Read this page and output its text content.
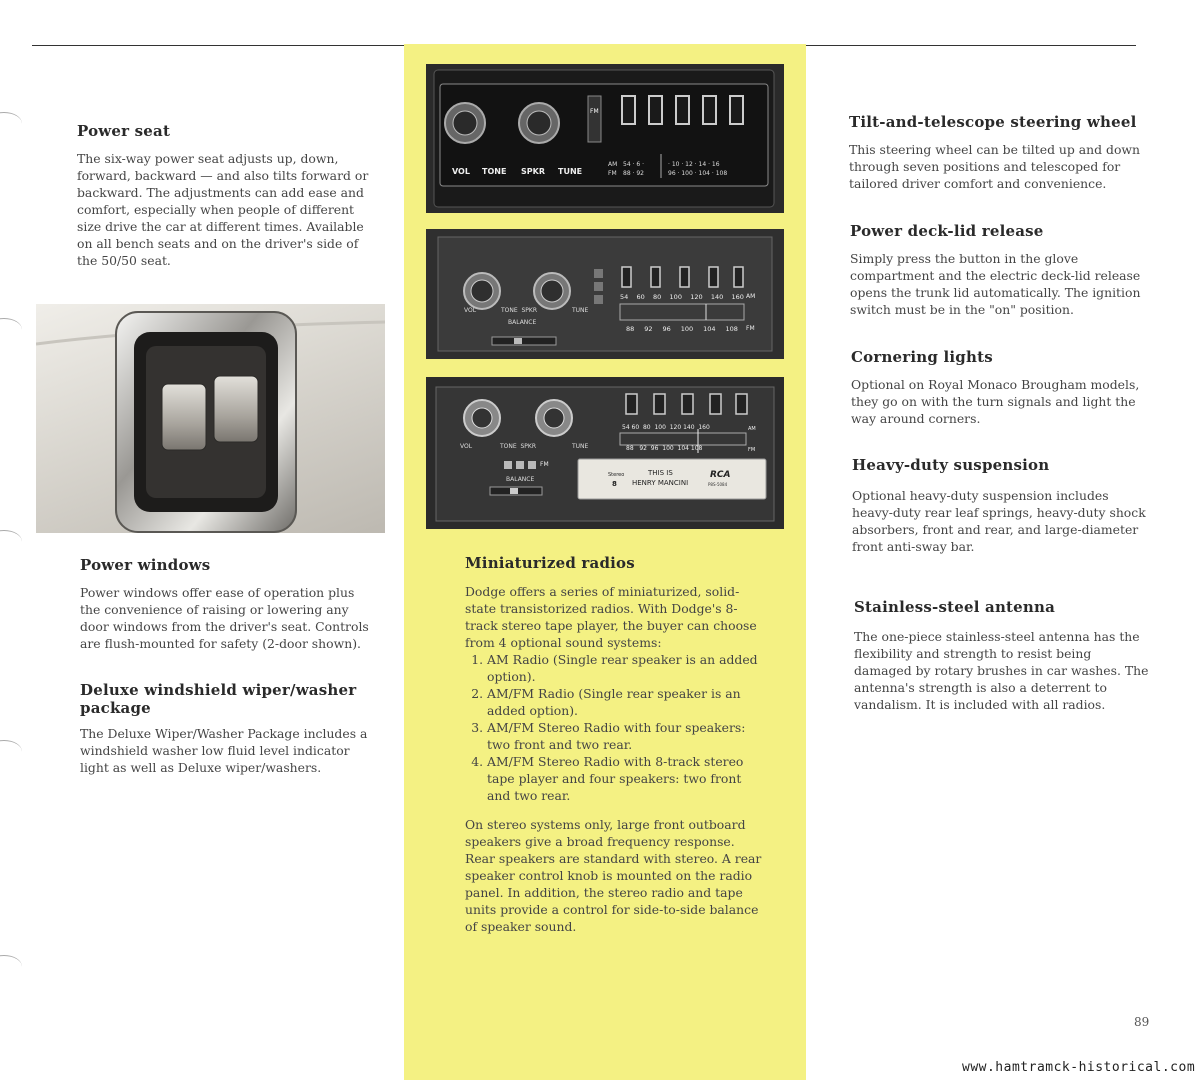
Power seat

The six-way power seat adjusts up, down, forward, backward — and also tilts forward or backward. The adjustments can add ease and comfort, especially when people of different size drive the car at different times. Available on all bench seats and on the driver's side of the 50/50 seat.

Power windows

Power windows offer ease of operation plus the convenience of raising or lowering any door windows from the driver's seat. Controls are flush-mounted for safety (2-door shown).

Deluxe windshield wiper/washer package

The Deluxe Wiper/Washer Package includes a windshield washer low fluid level indicator light as well as Deluxe wiper/washers.

VOL TONE SPKR TUNE
FM
AM
FM
54 · 6 ·
88 · 92
· 10 · 12 · 14 · 16
96 · 100 · 104 · 108
VOL	TONE  SPKR	TUNE
BALANCE
54 60 80 100 120 140 160 AM
88 92 96 100 104 108 FM
VOL	TONE  SPKR	TUNE
FM
BALANCE
54 60  80  100  120 140  160	AM
88   92  96  100  104 108	FM
Stereo
8
THIS IS
HENRY MANCINI
RCA
P8S-5084
Miniaturized radios

Dodge offers a series of miniaturized, solid-state transistorized radios. With Dodge's 8-track stereo tape player, the buyer can choose from 4 optional sound systems:

1. AM Radio (Single rear speaker is an added option).
2. AM/FM Radio (Single rear speaker is an added option).
3. AM/FM Stereo Radio with four speakers: two front and two rear.
4. AM/FM Stereo Radio with 8-track stereo tape player and four speakers: two front and two rear.

On stereo systems only, large front outboard speakers give a broad frequency response. Rear speakers are standard with stereo. A rear speaker control knob is mounted on the radio panel. In addition, the stereo radio and tape units provide a control for side-to-side balance of speaker sound.

Tilt-and-telescope steering wheel

This steering wheel can be tilted up and down through seven positions and telescoped for tailored driver comfort and convenience.

Power deck-lid release

Simply press the button in the glove compartment and the electric deck-lid release opens the trunk lid automatically. The ignition switch must be in the "on" position.

Cornering lights

Optional on Royal Monaco Brougham models, they go on with the turn signals and light the way around corners.

Heavy-duty suspension

Optional heavy-duty suspension includes heavy-duty rear leaf springs, heavy-duty shock absorbers, front and rear, and large-diameter front anti-sway bar.

Stainless-steel antenna

The one-piece stainless-steel antenna has the flexibility and strength to resist being damaged by rotary brushes in car washes. The antenna's strength is also a deterrent to vandalism. It is included with all radios.

89
www.hamtramck-historical.com
